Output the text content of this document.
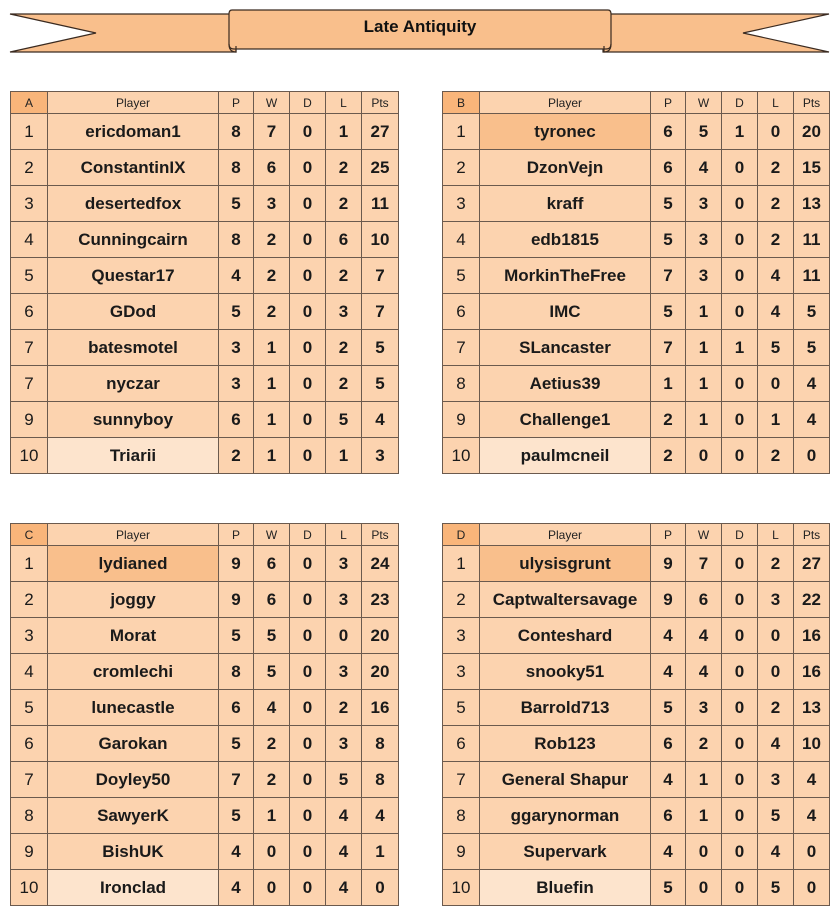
Late Antiquity
A	Player	P	W	D	L	Pts
1	ericdoman1	8	7	0	1	27
2	ConstantinIX	8	6	0	2	25
3	desertedfox	5	3	0	2	11
4	Cunningcairn	8	2	0	6	10
5	Questar17	4	2	0	2	7
6	GDod	5	2	0	3	7
7	batesmotel	3	1	0	2	5
7	nyczar	3	1	0	2	5
9	sunnyboy	6	1	0	5	4
10	Triarii	2	1	0	1	3
B	Player	P	W	D	L	Pts
1	tyronec	6	5	1	0	20
2	DzonVejn	6	4	0	2	15
3	kraff	5	3	0	2	13
4	edb1815	5	3	0	2	11
5	MorkinTheFree	7	3	0	4	11
6	IMC	5	1	0	4	5
7	SLancaster	7	1	1	5	5
8	Aetius39	1	1	0	0	4
9	Challenge1	2	1	0	1	4
10	paulmcneil	2	0	0	2	0
C	Player	P	W	D	L	Pts
1	lydianed	9	6	0	3	24
2	joggy	9	6	0	3	23
3	Morat	5	5	0	0	20
4	cromlechi	8	5	0	3	20
5	lunecastle	6	4	0	2	16
6	Garokan	5	2	0	3	8
7	Doyley50	7	2	0	5	8
8	SawyerK	5	1	0	4	4
9	BishUK	4	0	0	4	1
10	Ironclad	4	0	0	4	0
D	Player	P	W	D	L	Pts
1	ulysisgrunt	9	7	0	2	27
2	Captwaltersavage	9	6	0	3	22
3	Conteshard	4	4	0	0	16
3	snooky51	4	4	0	0	16
5	Barrold713	5	3	0	2	13
6	Rob123	6	2	0	4	10
7	General Shapur	4	1	0	3	4
8	ggarynorman	6	1	0	5	4
9	Supervark	4	0	0	4	0
10	Bluefin	5	0	0	5	0
